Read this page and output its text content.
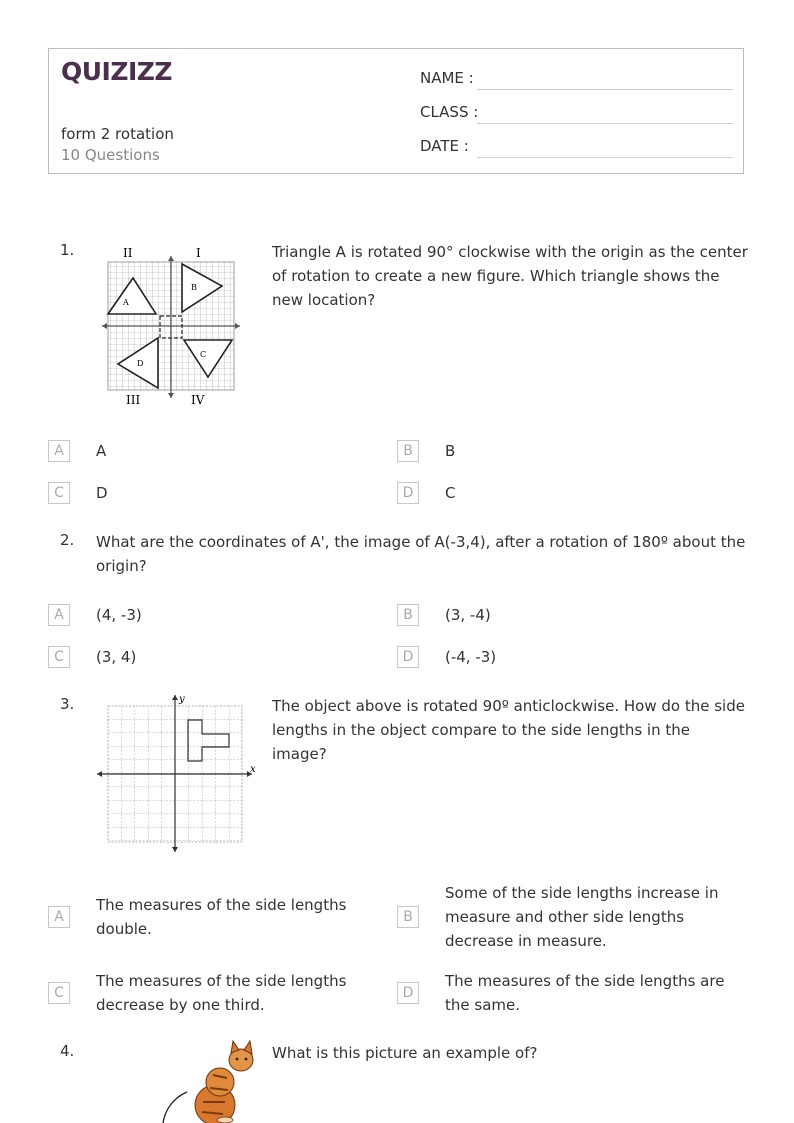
QUIZIZZ
form 2 rotation
10 Questions
NAME :
CLASS :
DATE :
1.	II	I
III	IV
A
B
C
D
Triangle A is rotated 90° clockwise with the origin as the center of rotation to create a new figure. Which triangle shows the new location?
A	A	B	B
C	D	D	C
2. What are the coordinates of A', the image of A(-3,4), after a rotation of 180º about the
origin?
A	(4, -3)	B	(3, -4)
C	(3, 4)	D	(-4, -3)
3.
x
y	The object above is rotated 90º anticlockwise. How do the side lengths in the object compare to the side lengths in the image?
A
The measures of the side lengths double.
B
Some of the side lengths increase in measure and other side lengths decrease in measure.
C
The measures of the side lengths decrease by one third.
D
The measures of the side lengths are the same.
4.	What is this picture an example of?
